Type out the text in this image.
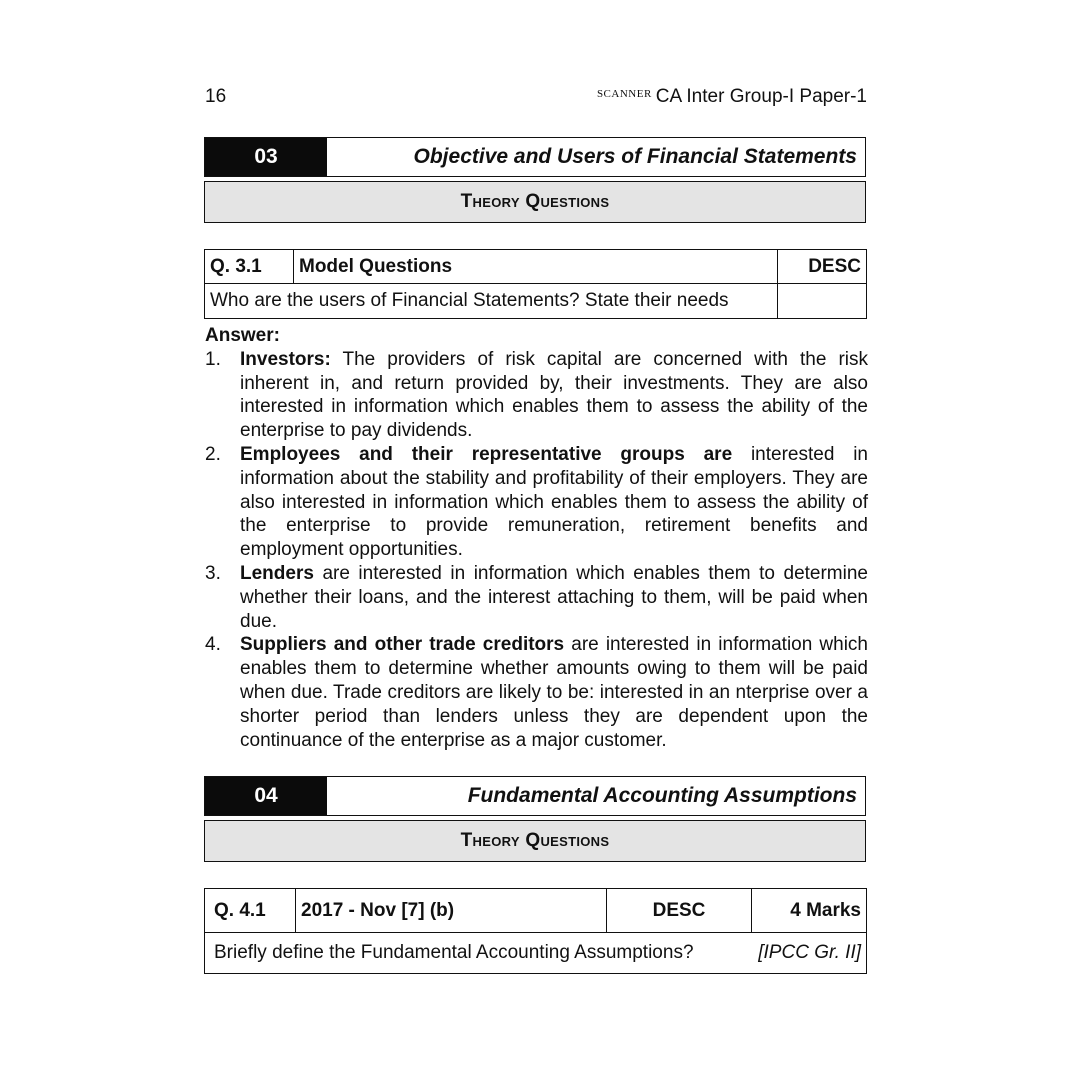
16	$^{SCANNER}$ CA Inter Group-I Paper-1
03	Objective and Users of Financial Statements
Theory Questions
Q. 3.1	Model Questions	DESC
Who are the users of Financial Statements? State their needs		
Answer:
1. Investors: The providers of risk capital are concerned with the risk inherent in, and return provided by, their investments. They are also interested in information which enables them to assess the ability of the enterprise to pay dividends.
2. Employees and their representative groups are interested in information about the stability and profitability of their employers. They are also interested in information which enables them to assess the ability of the enterprise to provide remuneration, retirement benefits and employment opportunities.
3. Lenders are interested in information which enables them to determine whether their loans, and the interest attaching to them, will be paid when due.
4. Suppliers and other trade creditors are interested in information which enables them to determine whether amounts owing to them will be paid when due. Trade creditors are likely to be: interested in an nterprise over a shorter period than lenders unless they are dependent upon the continuance of the enterprise as a major customer.
04	Fundamental Accounting Assumptions
Theory Questions
Q. 4.1	2017 - Nov [7] (b)	DESC	4 Marks
Briefly define the Fundamental Accounting Assumptions?	[IPCC Gr. II]
